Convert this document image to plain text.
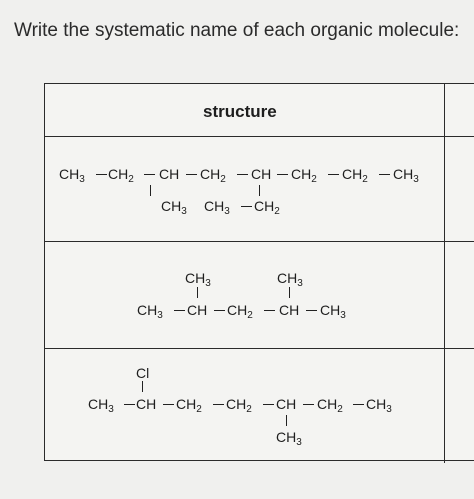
Write the systematic name of each organic molecule:
structure
$CH_3$ $CH_2$ CH $CH_2$ CH $CH_2$ $CH_2$ $CH_3$
$CH_3$ $CH_3$ $CH_2$
$CH_3$	$CH_3$
$CH_3$ CH $CH_2$ CH $CH_3$
Cl
$CH_3$ CH $CH_2$ $CH_2$ CH $CH_2$ $CH_3$
$CH_3$
